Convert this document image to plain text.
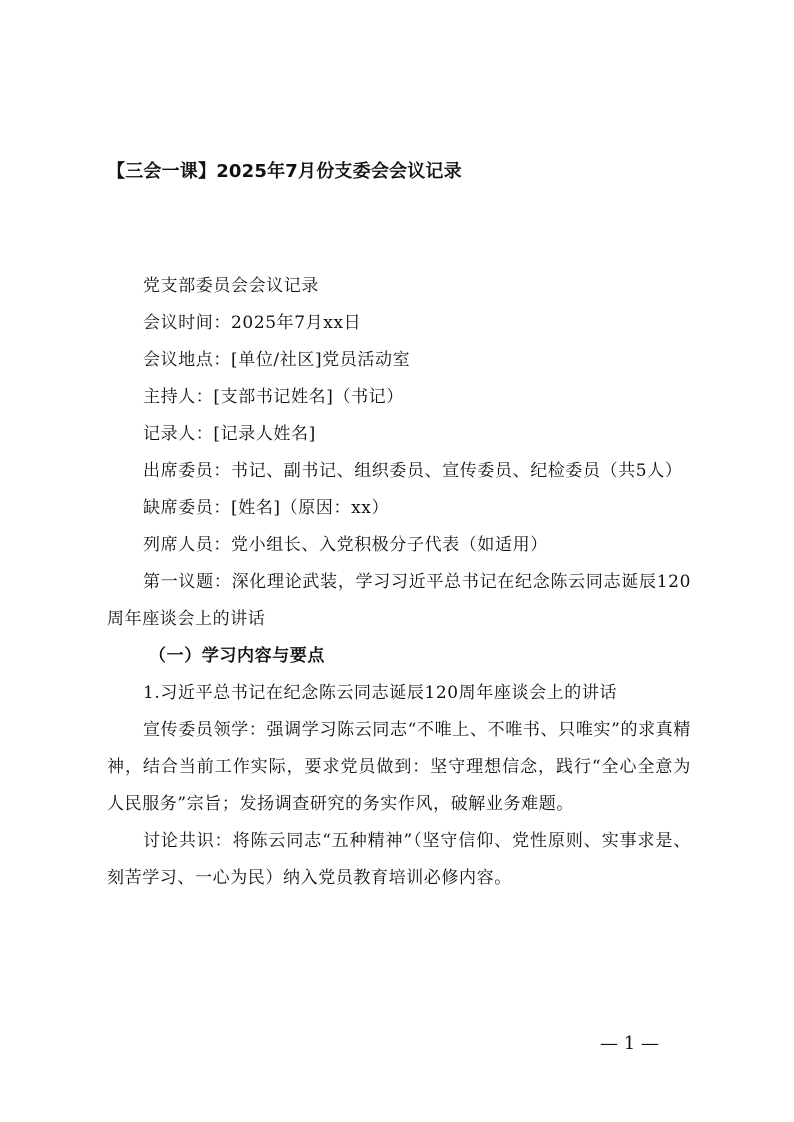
【三会一课】2025年7月份支委会会议记录

党支部委员会会议记录

会议时间：2025年7月xx日

会议地点：[单位/社区]党员活动室

主持人：[支部书记姓名]（书记）

记录人：[记录人姓名]

出席委员：书记、副书记、组织委员、宣传委员、纪检委员（共5人）

缺席委员：[姓名]（原因：xx）

列席人员：党小组长、入党积极分子代表（如适用）

第一议题：深化理论武装，学习习近平总书记在纪念陈云同志诞辰120周年座谈会上的讲话

（一）学习内容与要点

1.习近平总书记在纪念陈云同志诞辰120周年座谈会上的讲话

宣传委员领学：强调学习陈云同志“不唯上、不唯书、只唯实”的求真精神，结合当前工作实际，要求党员做到：坚守理想信念，践行“全心全意为人民服务”宗旨；发扬调查研究的务实作风，破解业务难题。

讨论共识：将陈云同志“五种精神”（坚守信仰、党性原则、实事求是、刻苦学习、一心为民）纳入党员教育培训必修内容。

— 1 —
